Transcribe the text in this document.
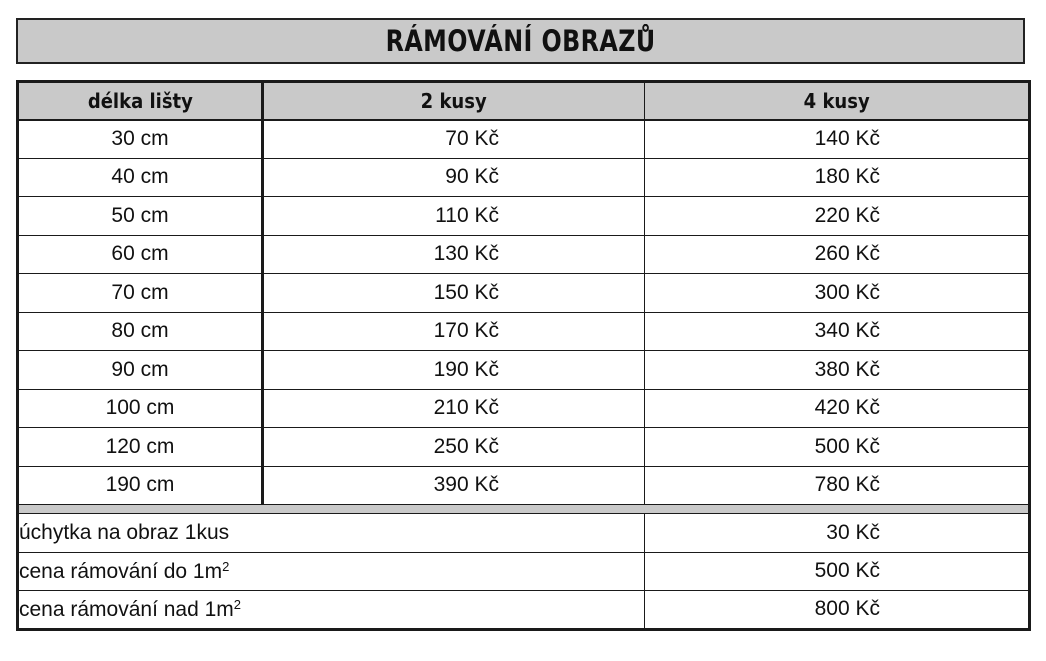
RÁMOVÁNÍ OBRAZŮ
délka lišty	2 kusy	4 kusy
30 cm	70 Kč	140 Kč
40 cm	90 Kč	180 Kč
50 cm	110 Kč	220 Kč
60 cm	130 Kč	260 Kč
70 cm	150 Kč	300 Kč
80 cm	170 Kč	340 Kč
90 cm	190 Kč	380 Kč
100 cm	210 Kč	420 Kč
120 cm	250 Kč	500 Kč
190 cm	390 Kč	780 Kč

úchytka na obraz 1kus		30 Kč
cena rámování do $1m^2$		500 Kč
cena rámování nad $1m^2$		800 Kč
